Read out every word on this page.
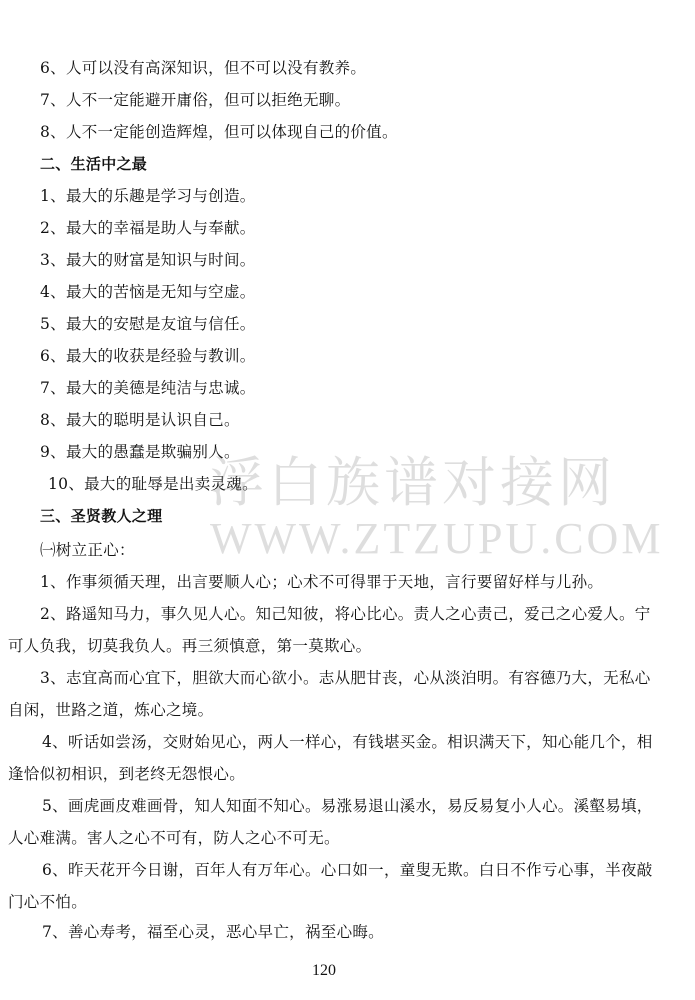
6、人可以没有高深知识，但不可以没有教养。
7、人不一定能避开庸俗，但可以拒绝无聊。
8、人不一定能创造辉煌，但可以体现自己的价值。
二、生活中之最
1、最大的乐趣是学习与创造。
2、最大的幸福是助人与奉献。
3、最大的财富是知识与时间。
4、最大的苦恼是无知与空虚。
5、最大的安慰是友谊与信任。
6、最大的收获是经验与教训。
7、最大的美德是纯洁与忠诚。
8、最大的聪明是认识自己。
9、最大的愚蠢是欺骗别人。
10、最大的耻辱是出卖灵魂。
三、圣贤教人之理
㈠树立正心：
1、作事须循天理，出言要顺人心；心术不可得罪于天地，言行要留好样与儿孙。
2、路遥知马力，事久见人心。知己知彼，将心比心。责人之心责己，爱己之心爱人。宁
可人负我，切莫我负人。再三须慎意，第一莫欺心。
3、志宜高而心宜下，胆欲大而心欲小。志从肥甘丧，心从淡泊明。有容德乃大，无私心
自闲，世路之道，炼心之境。
4、听话如尝汤，交财始见心，两人一样心，有钱堪买金。相识满天下，知心能几个，相
逢恰似初相识，到老终无怨恨心。
5、画虎画皮难画骨，知人知面不知心。易涨易退山溪水，易反易复小人心。溪壑易填，
人心难满。害人之心不可有，防人之心不可无。
6、昨天花开今日谢，百年人有万年心。心口如一，童叟无欺。白日不作亏心事，半夜敲
门心不怕。
7、善心寿考，福至心灵，恶心早亡，祸至心晦。
浮白族谱对接网
WWW.ZTZUPU.COM
120
